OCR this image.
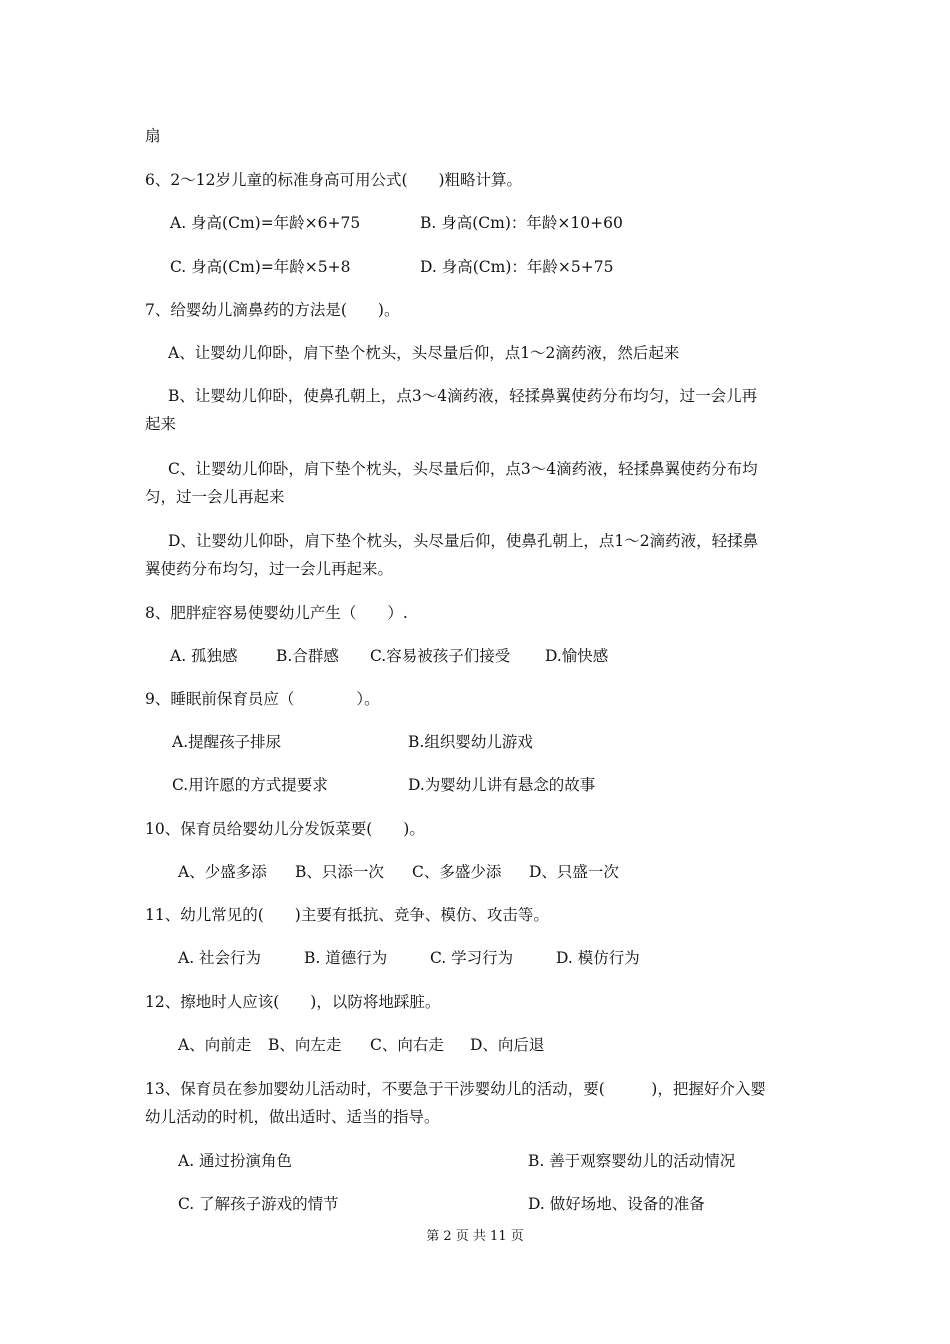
扇
6、2～12岁儿童的标准身高可用公式(　　)粗略计算。
A. 身高(Cm)=年龄×6+75	B. 身高(Cm)：年龄×10+60
C. 身高(Cm)=年龄×5+8	D. 身高(Cm)：年龄×5+75
7、给婴幼儿滴鼻药的方法是(　　)。
A、让婴幼儿仰卧，肩下垫个枕头，头尽量后仰，点1～2滴药液，然后起来
B、让婴幼儿仰卧，使鼻孔朝上，点3～4滴药液，轻揉鼻翼使药分布均匀，过一会儿再
起来
C、让婴幼儿仰卧，肩下垫个枕头，头尽量后仰，点3～4滴药液，轻揉鼻翼使药分布均
匀，过一会儿再起来
D、让婴幼儿仰卧，肩下垫个枕头，头尽量后仰，使鼻孔朝上，点1～2滴药液，轻揉鼻
翼使药分布均匀，过一会儿再起来。
8、肥胖症容易使婴幼儿产生（　　）.
A. 孤独感 B.合群感 C.容易被孩子们接受 D.愉快感
9、睡眠前保育员应（　　　　）。
A.提醒孩子排尿	B.组织婴幼儿游戏
C.用许愿的方式提要求	D.为婴幼儿讲有悬念的故事
10、保育员给婴幼儿分发饭菜要(　　)。
A、少盛多添 B、只添一次 C、多盛少添 D、只盛一次
11、幼儿常见的(　　)主要有抵抗、竞争、模仿、攻击等。
A. 社会行为	B. 道德行为	C. 学习行为	D. 模仿行为
12、擦地时人应该(　　)，以防将地踩脏。
A、向前走 B、向左走 C、向右走 D、向后退
13、保育员在参加婴幼儿活动时，不要急于干涉婴幼儿的活动，要(　　　)，把握好介入婴
幼儿活动的时机，做出适时、适当的指导。
A. 通过扮演角色	B. 善于观察婴幼儿的活动情况
C. 了解孩子游戏的情节	D. 做好场地、设备的准备
第 2 页 共 11 页
